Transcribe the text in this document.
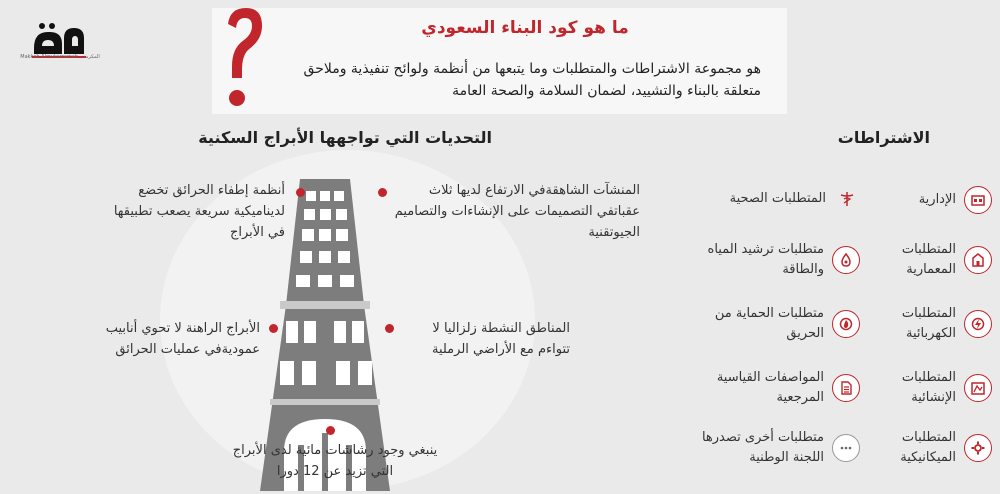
Makkah Almukarramah - المكرمة
ما هو كود البناء السعودي
هو مجموعة الاشتراطات والمتطلبات وما يتبعها من أنظمة ولوائح تنفيذية وملاحق متعلقة بالبناء والتشييد، لضمان السلامة والصحة العامة
التحديات التي تواجهها الأبراج السكنية	الاشتراطات
المنشآت الشاهقةفي الارتفاع لديها ثلاث عقباتفي التصميمات على الإنشاءات والتصاميم الجيوتقنية
أنظمة إطفاء الحرائق تخضع لديناميكية سريعة يصعب تطبيقها في الأبراج
المناطق النشطة زلزاليا لا تتواءم مع الأراضي الرملية
الأبراج الراهنة لا تحوي أنابيب عموديةفي عمليات الحرائق
ينبغي وجود رشاشات مائية لدى الأبراج التي تزيد عن 12 دورا
الإدارية
المتطلبات المعمارية
المتطلبات الكهربائية
المتطلبات الإنشائية
المتطلبات الميكانيكية
المتطلبات الصحية
متطلبات ترشيد المياه والطاقة
متطلبات الحماية من الحريق
المواصفات القياسية المرجعية
متطلبات أخرى تصدرها اللجنة الوطنية
